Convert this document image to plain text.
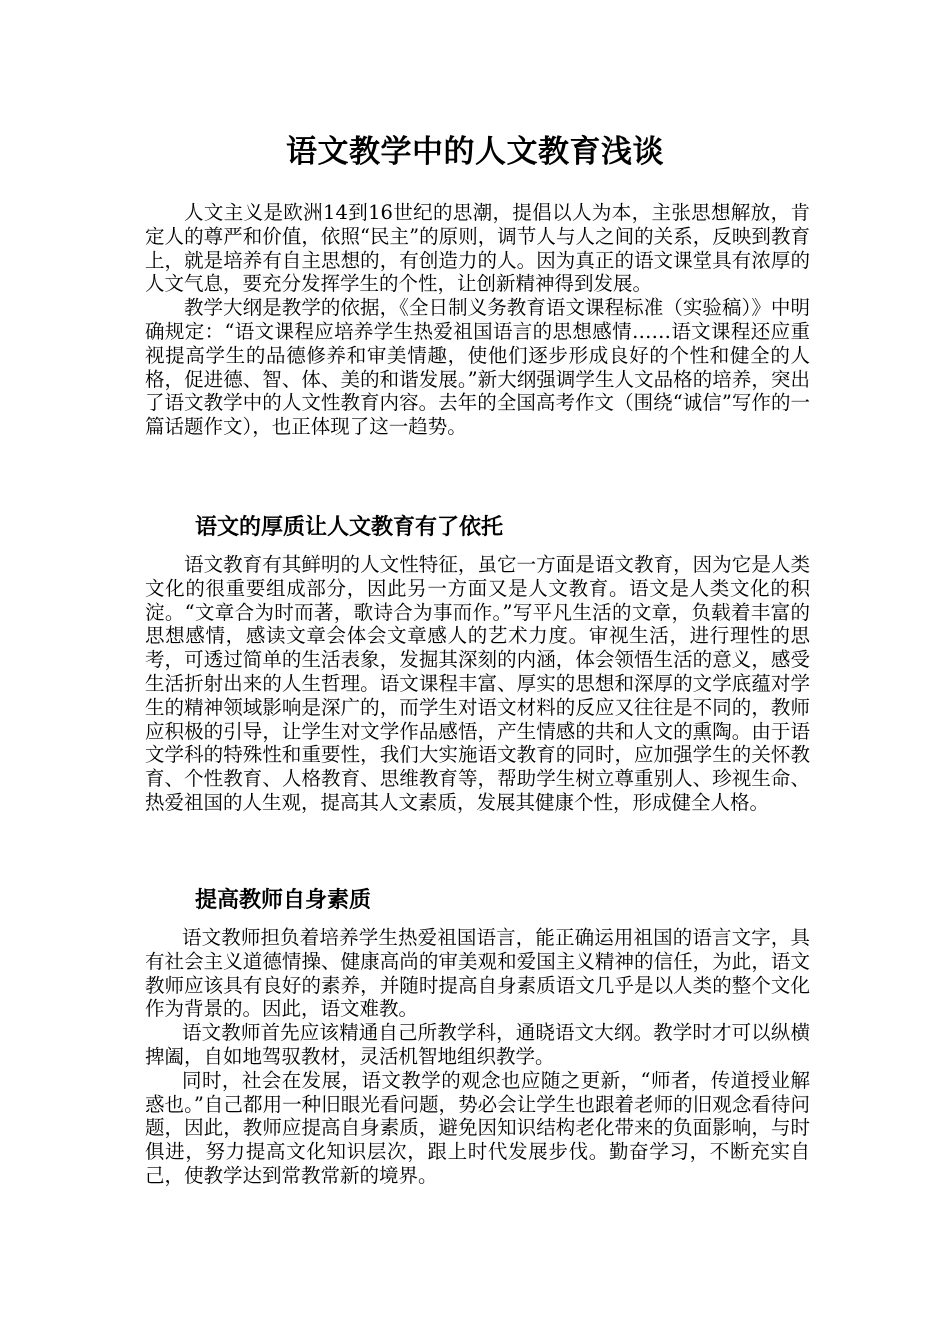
语文教学中的人文教育浅谈

人文主义是欧洲14到16世纪的思潮，提倡以人为本，主张思想解放，肯定人的尊严和价值，依照“民主”的原则，调节人与人之间的关系，反映到教育上，就是培养有自主思想的，有创造力的人。因为真正的语文课堂具有浓厚的人文气息，要充分发挥学生的个性，让创新精神得到发展。

教学大纲是教学的依据，《全日制义务教育语文课程标准（实验稿）》中明确规定：“语文课程应培养学生热爱祖国语言的思想感情……语文课程还应重视提高学生的品德修养和审美情趣，使他们逐步形成良好的个性和健全的人格，促进德、智、体、美的和谐发展。”新大纲强调学生人文品格的培养，突出了语文教学中的人文性教育内容。去年的全国高考作文（围绕“诚信”写作的一篇话题作文），也正体现了这一趋势。

语文的厚质让人文教育有了依托

语文教育有其鲜明的人文性特征，虽它一方面是语文教育，因为它是人类文化的很重要组成部分，因此另一方面又是人文教育。语文是人类文化的积淀。“文章合为时而著，歌诗合为事而作。”写平凡生活的文章，负载着丰富的思想感情，感读文章会体会文章感人的艺术力度。审视生活，进行理性的思考，可透过简单的生活表象，发掘其深刻的内涵，体会领悟生活的意义，感受生活折射出来的人生哲理。语文课程丰富、厚实的思想和深厚的文学底蕴对学生的精神领域影响是深广的，而学生对语文材料的反应又往往是不同的，教师应积极的引导，让学生对文学作品感悟，产生情感的共和人文的熏陶。由于语文学科的特殊性和重要性，我们大实施语文教育的同时，应加强学生的关怀教育、个性教育、人格教育、思维教育等，帮助学生树立尊重别人、珍视生命、热爱祖国的人生观，提高其人文素质，发展其健康个性，形成健全人格。

提高教师自身素质

语文教师担负着培养学生热爱祖国语言，能正确运用祖国的语言文字，具有社会主义道德情操、健康高尚的审美观和爱国主义精神的信任，为此，语文教师应该具有良好的素养，并随时提高自身素质语文几乎是以人类的整个文化作为背景的。因此，语文难教。

语文教师首先应该精通自己所教学科，通晓语文大纲。教学时才可以纵横捭阖，自如地驾驭教材，灵活机智地组织教学。

同时，社会在发展，语文教学的观念也应随之更新，“师者，传道授业解惑也。”自己都用一种旧眼光看问题，势必会让学生也跟着老师的旧观念看待问题，因此，教师应提高自身素质，避免因知识结构老化带来的负面影响，与时俱进，努力提高文化知识层次，跟上时代发展步伐。勤奋学习，不断充实自己，使教学达到常教常新的境界。
